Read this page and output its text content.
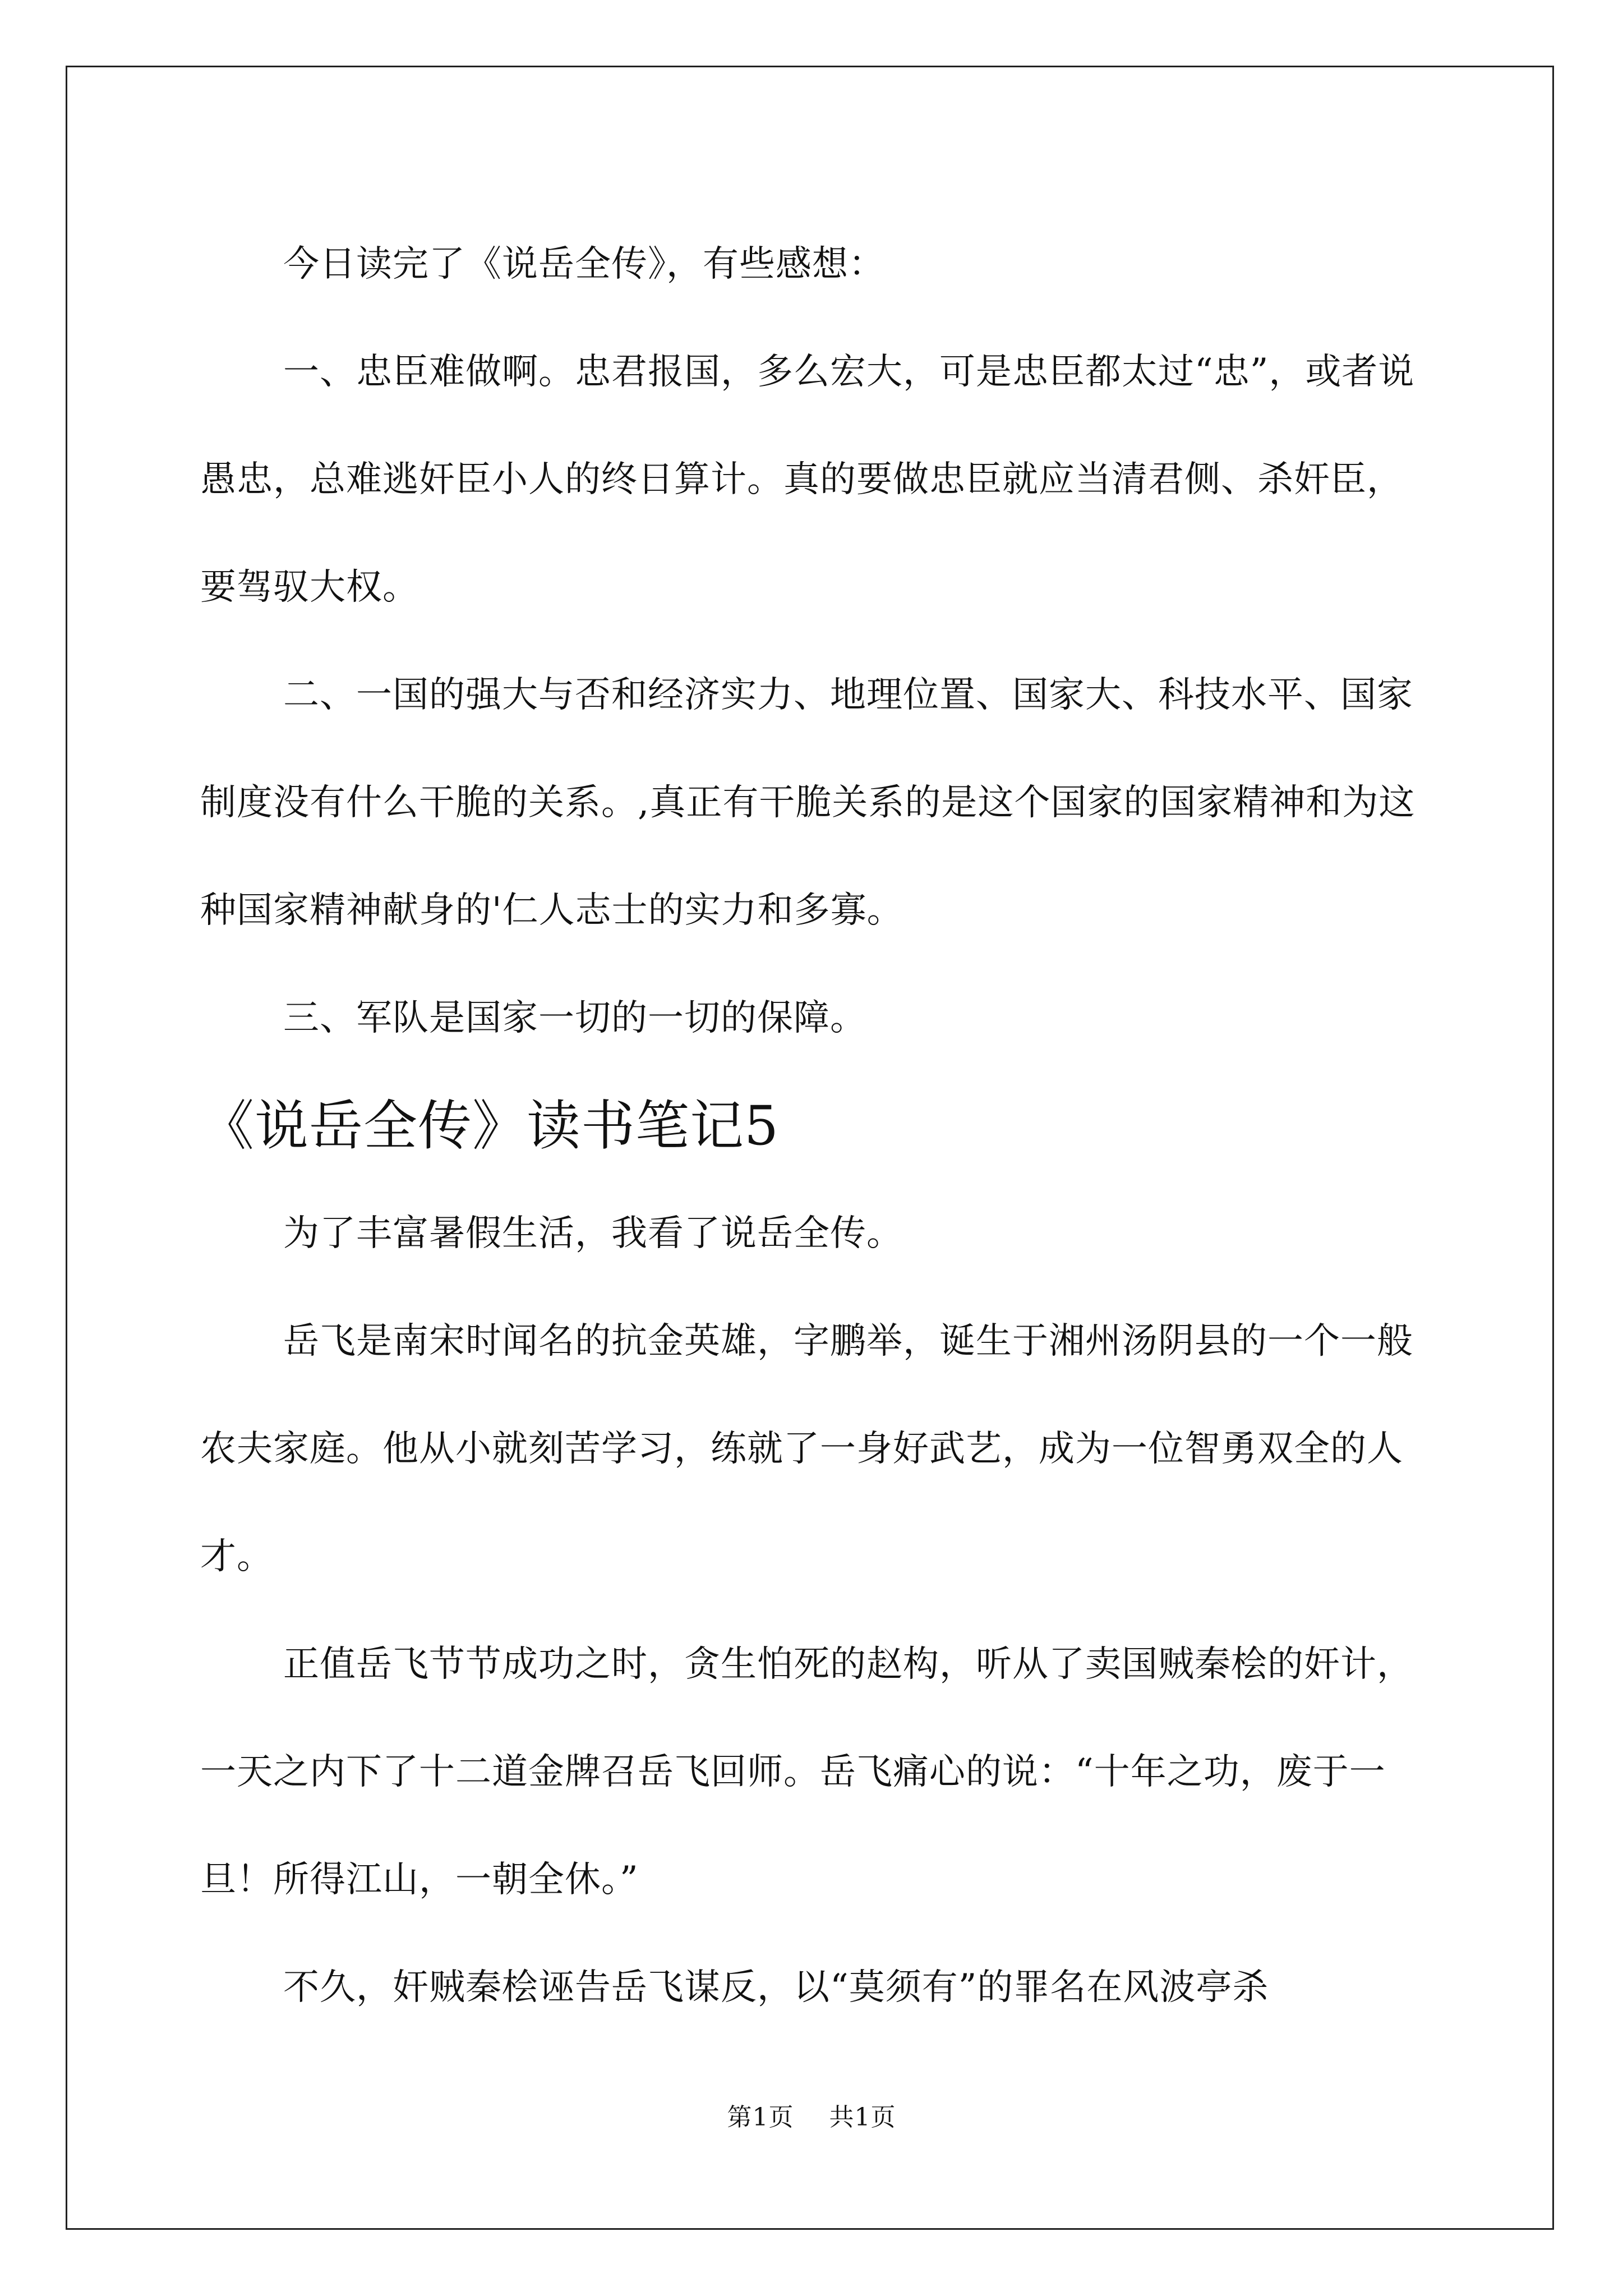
今日读完了《说岳全传》，有些感想：

一、忠臣难做啊。忠君报国，多么宏大，可是忠臣都太过“忠”，或者说愚忠，总难逃奸臣小人的终日算计。真的要做忠臣就应当清君侧、杀奸臣，要驾驭大权。

二、一国的强大与否和经济实力、地理位置、国家大、科技水平、国家制度没有什么干脆的关系。,真正有干脆关系的是这个国家的国家精神和为这种国家精神献身的'仁人志士的实力和多寡。

三、军队是国家一切的一切的保障。

《说岳全传》读书笔记5

为了丰富暑假生活，我看了说岳全传。

岳飞是南宋时闻名的抗金英雄，字鹏举，诞生于湘州汤阴县的一个一般农夫家庭。他从小就刻苦学习，练就了一身好武艺，成为一位智勇双全的人才。

正值岳飞节节成功之时，贪生怕死的赵构，听从了卖国贼秦桧的奸计，一天之内下了十二道金牌召岳飞回师。岳飞痛心的说：“十年之功，废于一旦！所得江山，一朝全休。”

不久，奸贼秦桧诬告岳飞谋反，以“莫须有”的罪名在风波亭杀

第1页 共1页
